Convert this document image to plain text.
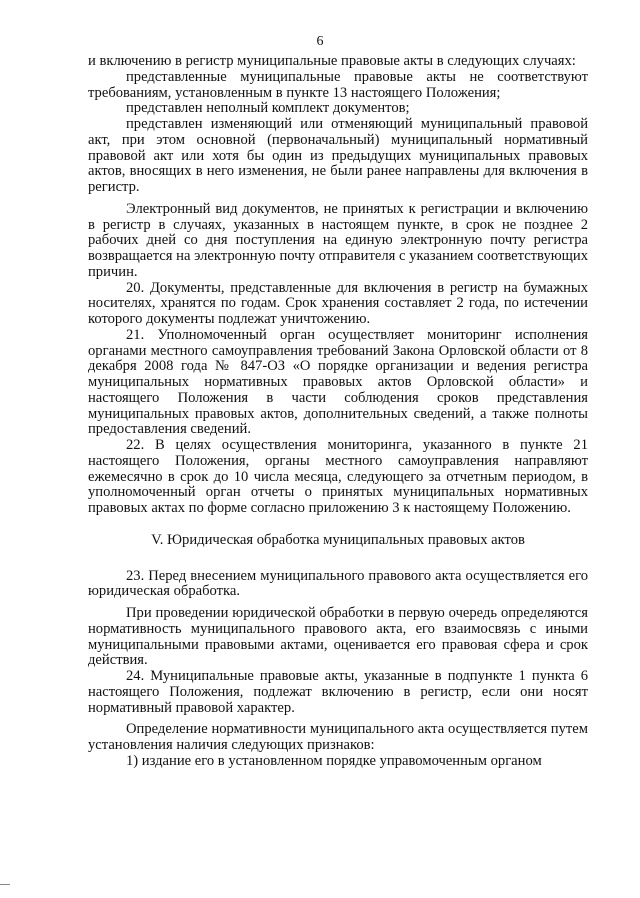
6

и включению в регистр муниципальные правовые акты в следующих случаях:

представленные муниципальные правовые акты не соответствуют требованиям, установленным в пункте 13 настоящего Положения;

представлен неполный комплект документов;

представлен изменяющий или отменяющий муниципальный правовой акт, при этом основной (первоначальный) муниципальный нормативный правовой акт или хотя бы один из предыдущих муниципальных правовых актов, вносящих в него изменения, не были ранее направлены для включения в регистр.

Электронный вид документов, не принятых к регистрации и включению в регистр в случаях, указанных в настоящем пункте, в срок не позднее 2 рабочих дней со дня поступления на единую электронную почту регистра возвращается на электронную почту отправителя с указанием соответствующих причин.

20. Документы, представленные для включения в регистр на бумажных носителях, хранятся по годам. Срок хранения составляет 2 года, по истечении которого документы подлежат уничтожению.

21. Уполномоченный орган осуществляет мониторинг исполнения органами местного самоуправления требований Закона Орловской области от 8 декабря 2008 года № 847-ОЗ «О порядке организации и ведения регистра муниципальных нормативных правовых актов Орловской области» и настоящего Положения в части соблюдения сроков представления муниципальных правовых актов, дополнительных сведений, а также полноты предоставления сведений.

22. В целях осуществления мониторинга, указанного в пункте 21 настоящего Положения, органы местного самоуправления направляют ежемесячно в срок до 10 числа месяца, следующего за отчетным периодом, в уполномоченный орган отчеты о принятых муниципальных нормативных правовых актах по форме согласно приложению 3 к настоящему Положению.

V. Юридическая обработка муниципальных правовых актов

23. Перед внесением муниципального правового акта осуществляется его юридическая обработка.

При проведении юридической обработки в первую очередь определяются нормативность муниципального правового акта, его взаимосвязь с иными муниципальными правовыми актами, оценивается его правовая сфера и срок действия.

24. Муниципальные правовые акты, указанные в подпункте 1 пункта 6 настоящего Положения, подлежат включению в регистр, если они носят нормативный правовой характер.

Определение нормативности муниципального акта осуществляется путем установления наличия следующих признаков:

1) издание его в установленном порядке управомоченным органом
